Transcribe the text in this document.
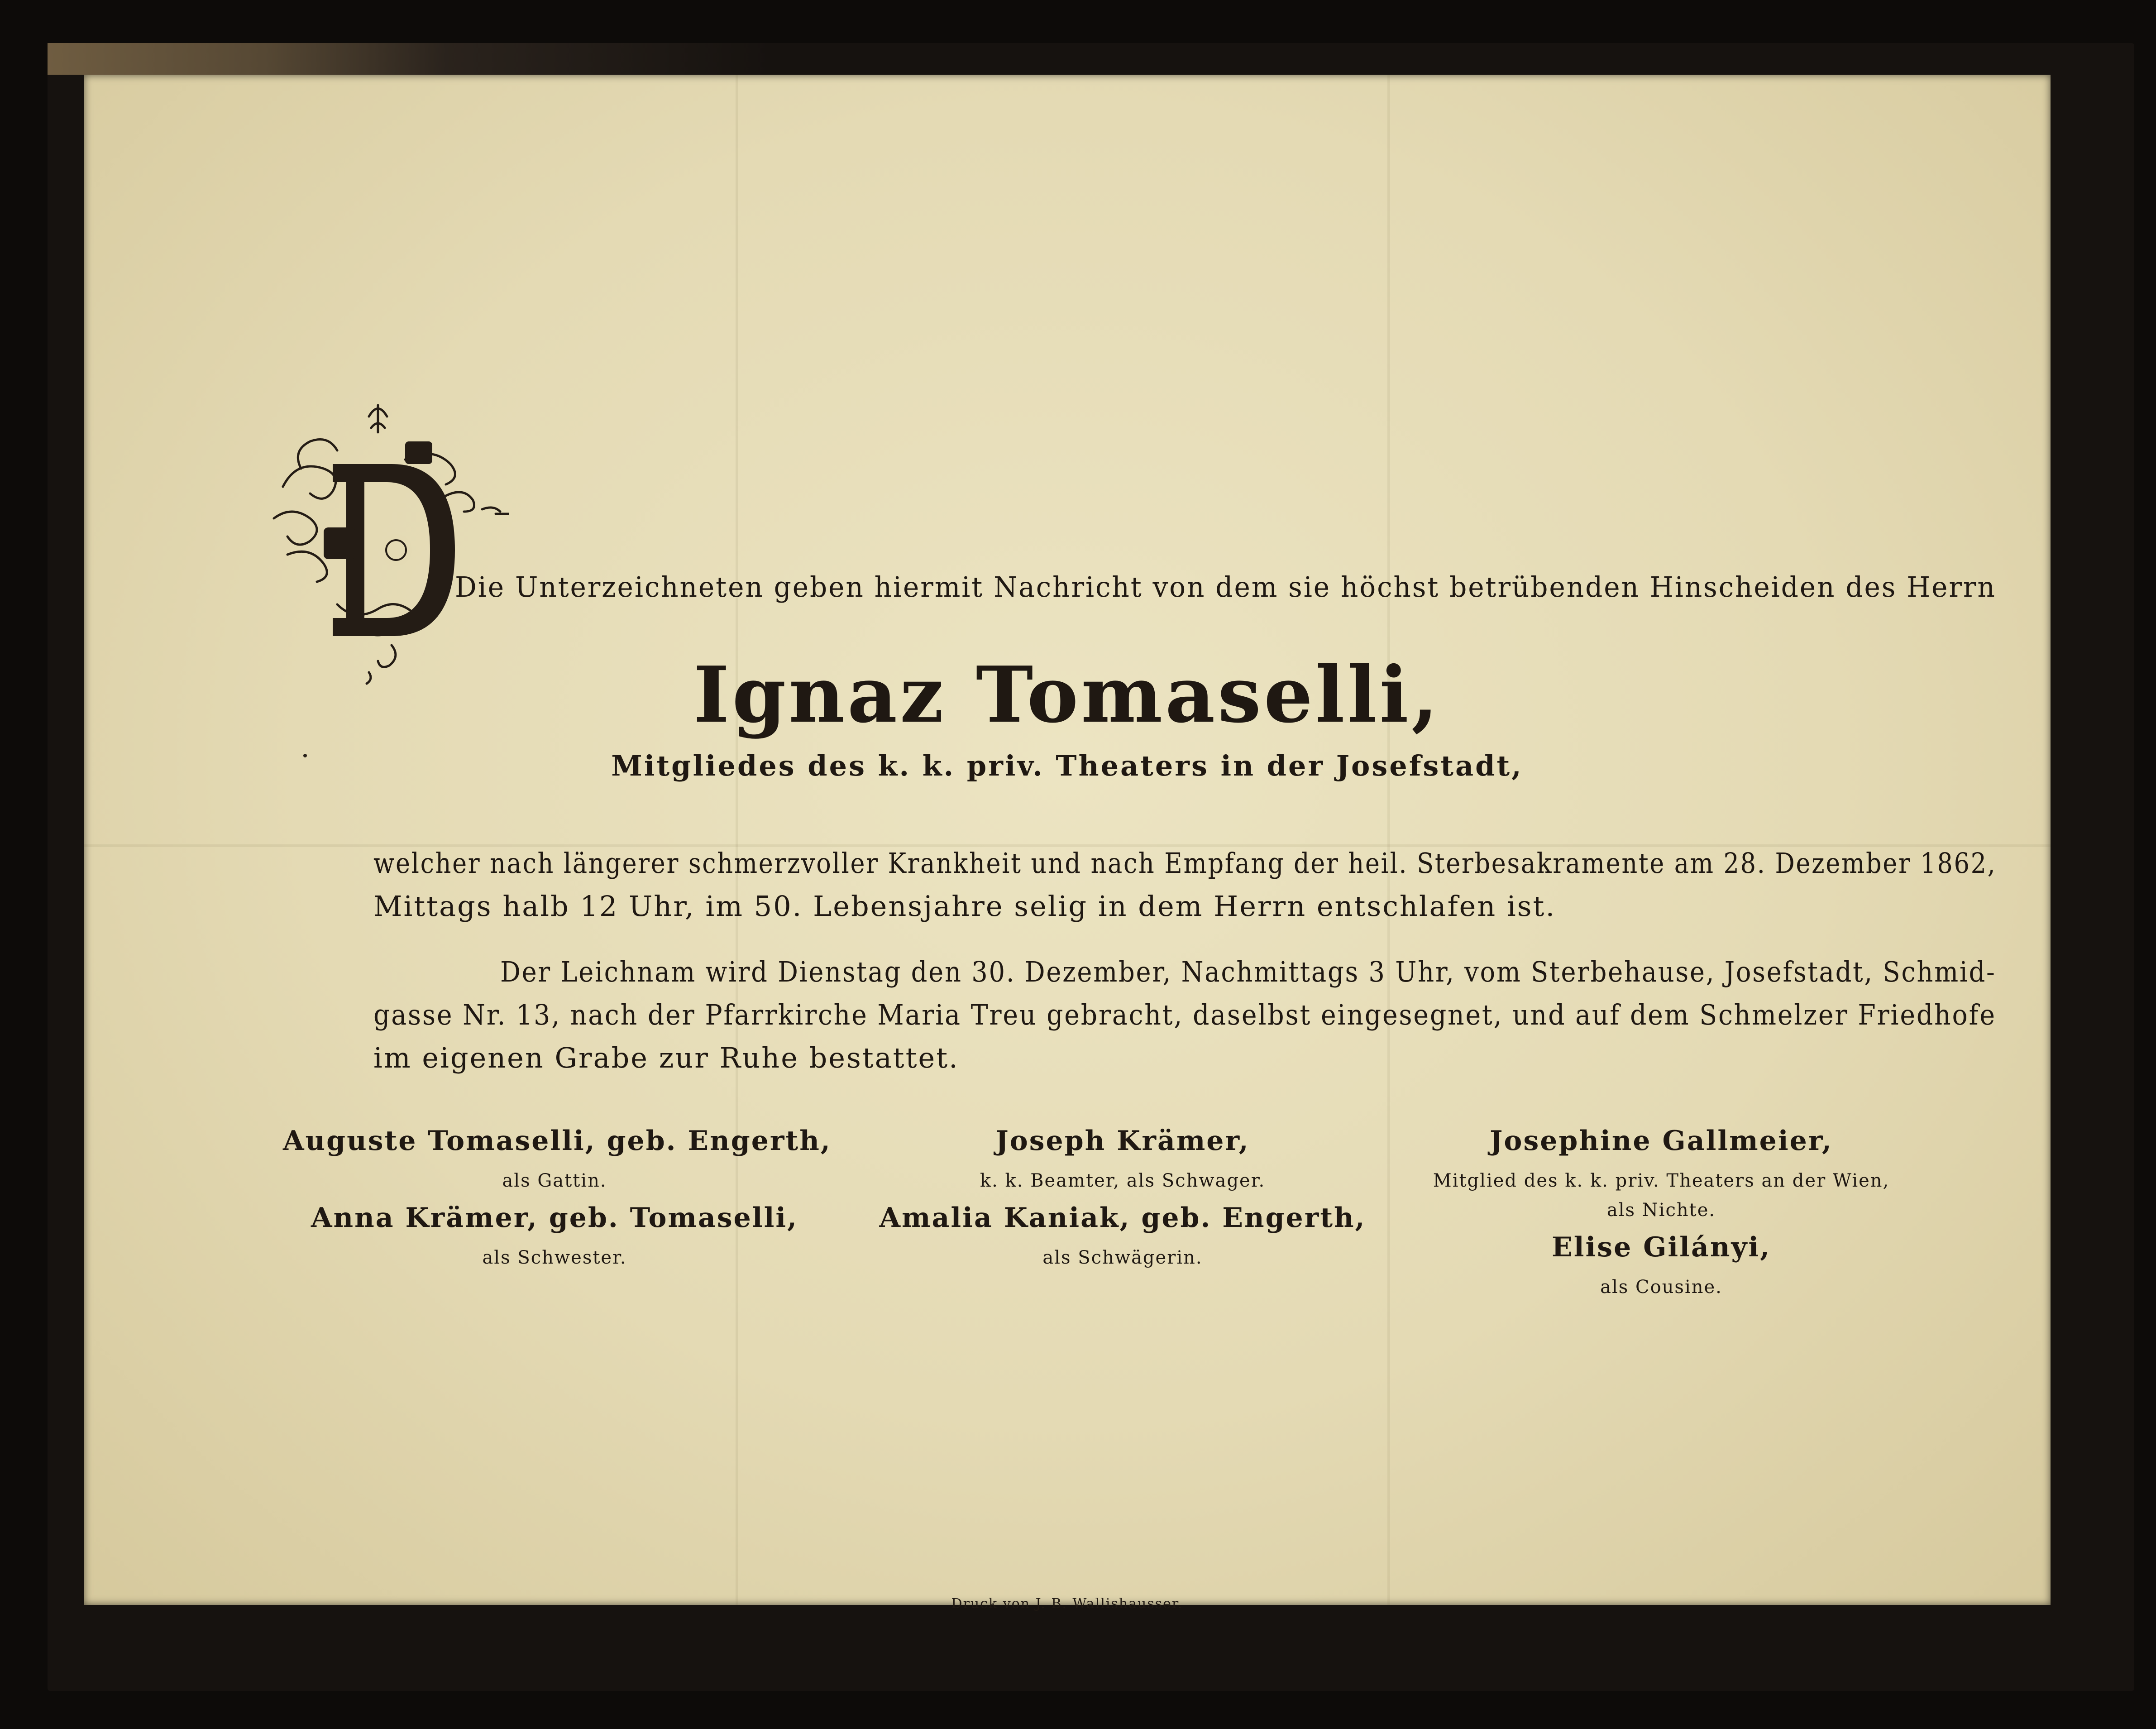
Die Unterzeichneten geben hiermit Nachricht von dem sie höchst betrübenden Hinscheiden des Herrn

Ignaz Tomaselli,

Mitgliedes des k. k. priv. Theaters in der Josefstadt,

welcher nach längerer schmerzvoller Krankheit und nach Empfang der heil. Sterbesakramente am 28. Dezember 1862,

Mittags halb 12 Uhr, im 50. Lebensjahre selig in dem Herrn entschlafen ist.

Der Leichnam wird Dienstag den 30. Dezember, Nachmittags 3 Uhr, vom Sterbehause, Josefstadt, Schmid-

gasse Nr. 13, nach der Pfarrkirche Maria Treu gebracht, daselbst eingesegnet, und auf dem Schmelzer Friedhofe

im eigenen Grabe zur Ruhe bestattet.

Auguste Tomaselli, geb. Engerth,

als Gattin.

Anna Krämer, geb. Tomaselli,

als Schwester.

Joseph Krämer,

k. k. Beamter, als Schwager.

Amalia Kaniak, geb. Engerth,

als Schwägerin.

Josephine Gallmeier,

Mitglied des k. k. priv. Theaters an der Wien,

als Nichte.

Elise Gilányi,

als Cousine.

Druck von J. B. Wallishausser.
